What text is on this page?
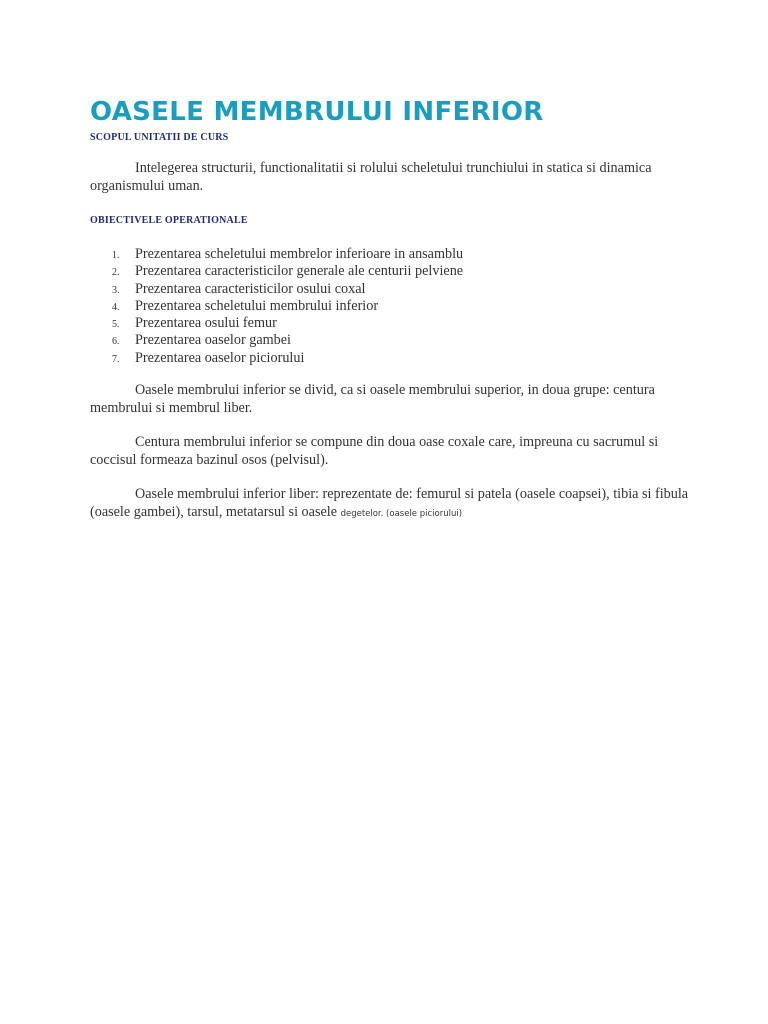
OASELE MEMBRULUI INFERIOR

SCOPUL UNITATII DE CURS

Intelegerea structurii, functionalitatii si rolului scheletului trunchiului in statica si dinamica organismului uman.

OBIECTIVELE OPERATIONALE

1. Prezentarea scheletului membrelor inferioare in ansamblu
2. Prezentarea caracteristicilor generale ale centurii pelviene
3. Prezentarea caracteristicilor osului coxal
4. Prezentarea scheletului membrului inferior
5. Prezentarea osului femur
6. Prezentarea oaselor gambei
7. Prezentarea oaselor piciorului

Oasele membrului inferior se divid, ca si oasele membrului superior, in doua grupe: centura membrului si membrul liber.

Centura membrului inferior se compune din doua oase coxale care, impreuna cu sacrumul si coccisul formeaza bazinul osos (pelvisul).

Oasele membrului inferior liber: reprezentate de: femurul si patela (oasele coapsei), tibia si fibula (oasele gambei), tarsul, metatarsul si oasele degetelor. (oasele piciorului)
